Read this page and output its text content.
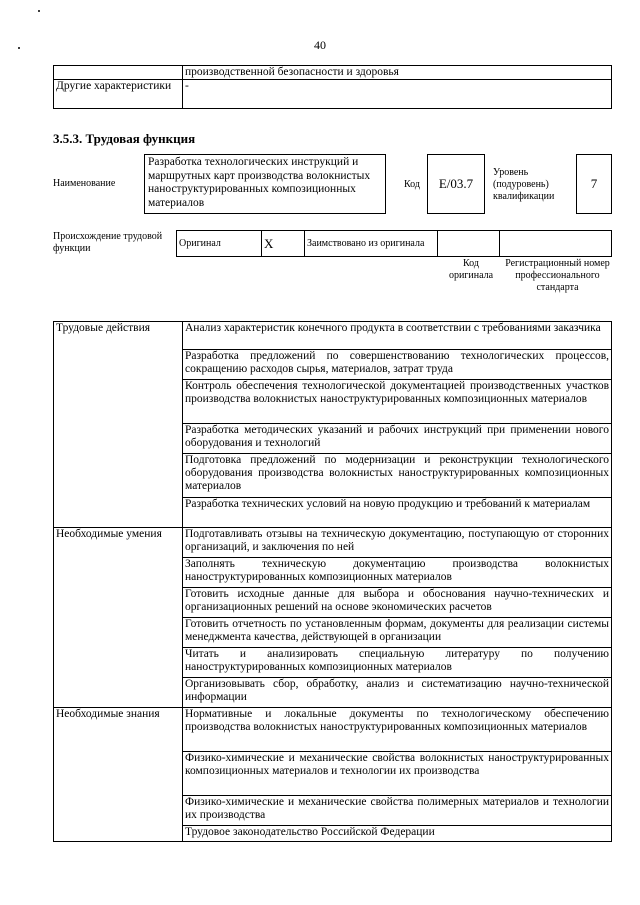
40
	производственной безопасности и здоровья
Другие характеристики	-
3.5.3. Трудовая функция
Наименование
Разработка технологических инструкций и маршрутных карт производства волокнистых наноструктурированных композиционных материалов
Код	E/03.7
Уровень (подуровень) квалификации
7
Происхождение трудовой функции	Оригинал	X	Заимствовано из оригинала		
Код оригинала
Регистрационный номер профессионального стандарта
Трудовые действия	Анализ характеристик конечного продукта в соответствии с требованиями заказчика
	Разработка предложений по совершенствованию технологических процессов, сокращению расходов сырья, материалов, затрат труда
	Контроль обеспечения технологической документацией производственных участков производства волокнистых наноструктурированных композиционных материалов
	Разработка методических указаний и рабочих инструкций при применении нового оборудования и технологий
	Подготовка предложений по модернизации и реконструкции технологического оборудования производства волокнистых наноструктурированных композиционных материалов
	Разработка технических условий на новую продукцию и требований к материалам
Необходимые умения	Подготавливать отзывы на техническую документацию, поступающую от сторонних организаций, и заключения по ней
	Заполнять техническую документацию производства волокнистых наноструктурированных композиционных материалов
	Готовить исходные данные для выбора и обоснования научно-технических и организационных решений на основе экономических расчетов
	Готовить отчетность по установленным формам, документы для реализации системы менеджмента качества, действующей в организации
	Читать и анализировать специальную литературу по получению наноструктурированных композиционных материалов
	Организовывать сбор, обработку, анализ и систематизацию научно-технической информации
Необходимые знания	Нормативные и локальные документы по технологическому обеспечению производства волокнистых наноструктурированных композиционных материалов
	Физико-химические и механические свойства волокнистых наноструктурированных композиционных материалов и технологии их производства
	Физико-химические и механические свойства полимерных материалов и технологии их производства
	Трудовое законодательство Российской Федерации
